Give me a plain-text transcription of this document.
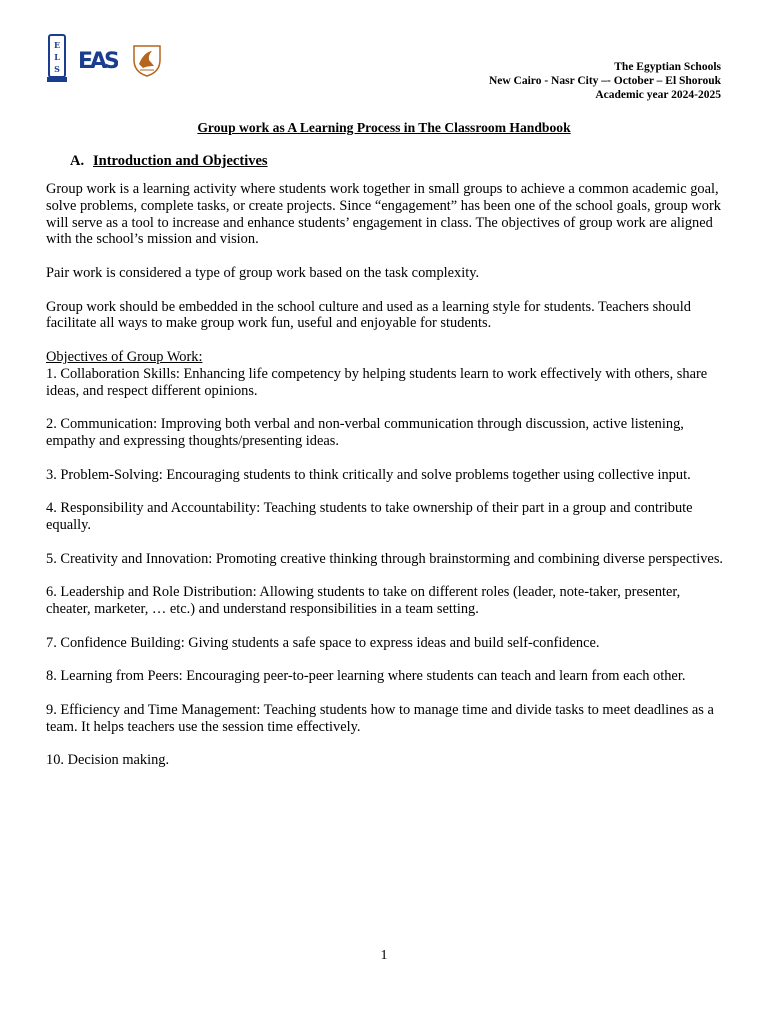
E
L
S EAS	The Egyptian Schools
New Cairo - Nasr City –- October – El Shorouk
Academic year 2024-2025
Group work as A Learning Process in The Classroom Handbook
A. Introduction and Objectives

Group work is a learning activity where students work together in small groups to achieve a common academic goal, solve problems, complete tasks, or create projects. Since “engagement” has been one of the school goals, group work will serve as a tool to increase and enhance students’ engagement in class. The objectives of group work are aligned with the school’s mission and vision.

Pair work is considered a type of group work based on the task complexity.

Group work should be embedded in the school culture and used as a learning style for students. Teachers should facilitate all ways to make group work fun, useful and enjoyable for students.

Objectives of Group Work:

1. Collaboration Skills: Enhancing life competency by helping students learn to work effectively with others, share ideas, and respect different opinions.

2. Communication: Improving both verbal and non-verbal communication through discussion, active listening, empathy and expressing thoughts/presenting ideas.

3. Problem-Solving: Encouraging students to think critically and solve problems together using collective input.

4. Responsibility and Accountability: Teaching students to take ownership of their part in a group and contribute equally.

5. Creativity and Innovation: Promoting creative thinking through brainstorming and combining diverse perspectives.

6. Leadership and Role Distribution: Allowing students to take on different roles (leader, note-taker, presenter, cheater, marketer, … etc.) and understand responsibilities in a team setting.

7. Confidence Building: Giving students a safe space to express ideas and build self-confidence.

8. Learning from Peers: Encouraging peer-to-peer learning where students can teach and learn from each other.

9. Efficiency and Time Management: Teaching students how to manage time and divide tasks to meet deadlines as a team. It helps teachers use the session time effectively.

10. Decision making.

1
